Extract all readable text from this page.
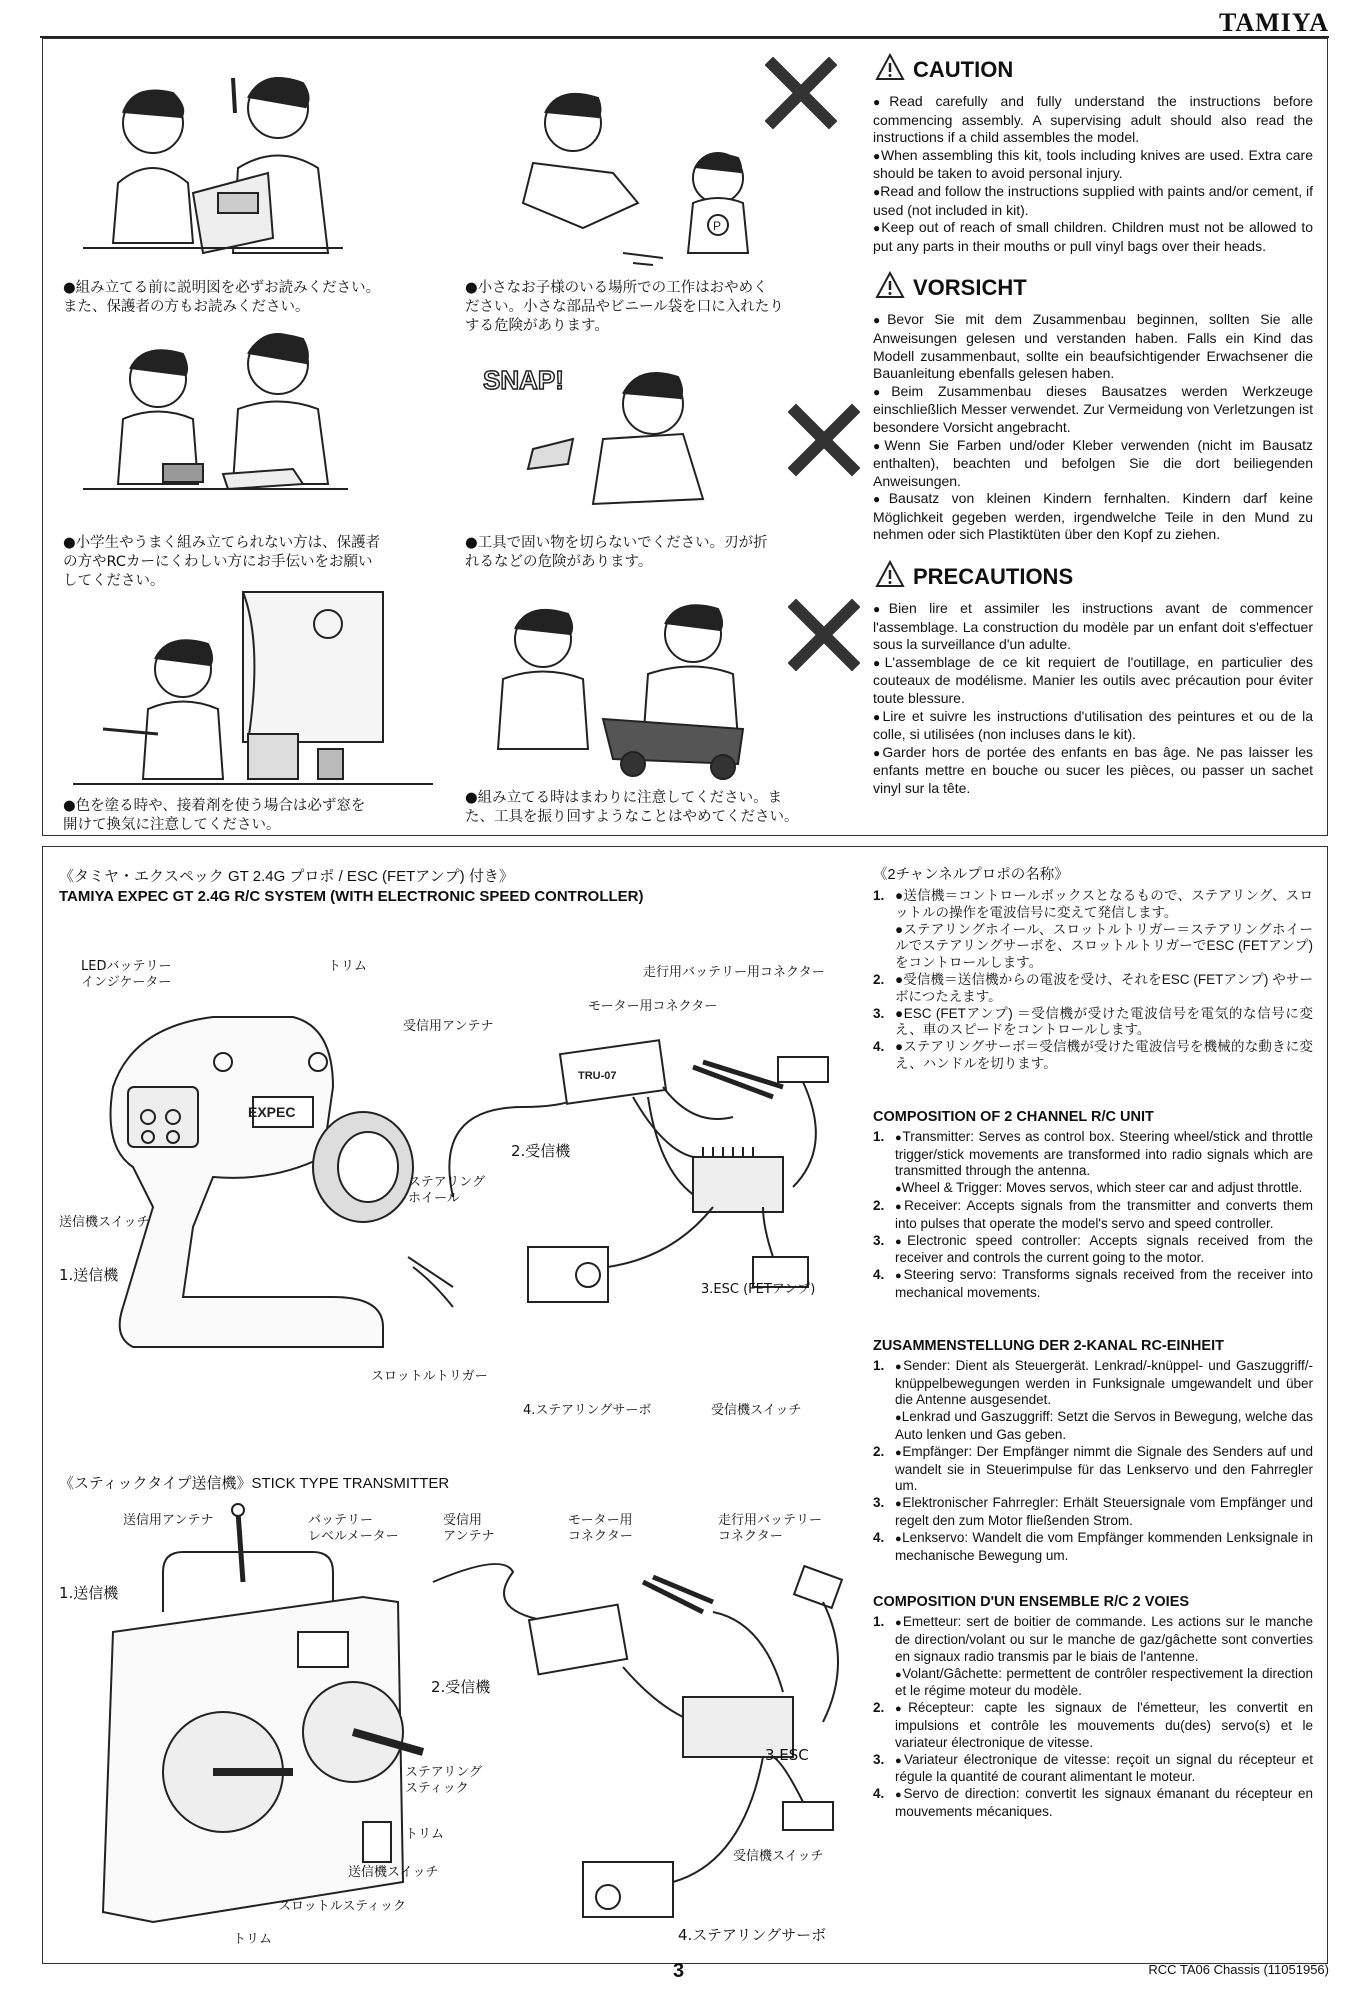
TAMIYA
●組み立てる前に説明図を必ずお読みください。
また、保護者の方もお読みください。
P
●小さなお子様のいる場所での工作はおやめく
ださい。小さな部品やビニール袋を口に入れたり
する危険があります。
●小学生やうまく組み立てられない方は、保護者
の方やRCカーにくわしい方にお手伝いをお願い
してください。
SNAP!
●工具で固い物を切らないでください。刃が折
れるなどの危険があります。
●色を塗る時や、接着剤を使う場合は必ず窓を
開けて換気に注意してください。
●組み立てる時はまわりに注意してください。ま
た、工具を振り回すようなことはやめてください。
CAUTION
● Read carefully and fully understand the instructions before commencing assembly. A supervising adult should also read the instructions if a child assembles the model.
● When assembling this kit, tools including knives are used. Extra care should be taken to avoid personal injury.
● Read and follow the instructions supplied with paints and/or cement, if used (not included in kit).
● Keep out of reach of small children. Children must not be allowed to put any parts in their mouths or pull vinyl bags over their heads.
VORSICHT
● Bevor Sie mit dem Zusammenbau beginnen, sollten Sie alle Anweisungen gelesen und verstanden haben. Falls ein Kind das Modell zusammenbaut, sollte ein beaufsichtigender Erwachsener die Bauanleitung ebenfalls gelesen haben.
● Beim Zusammenbau dieses Bausatzes werden Werkzeuge einschließlich Messer verwendet. Zur Vermeidung von Verletzungen ist besondere Vorsicht angebracht.
● Wenn Sie Farben und/oder Kleber verwenden (nicht im Bausatz enthalten), beachten und befolgen Sie die dort beiliegenden Anweisungen.
● Bausatz von kleinen Kindern fernhalten. Kindern darf keine Möglichkeit gegeben werden, irgendwelche Teile in den Mund zu nehmen oder sich Plastiktüten über den Kopf zu ziehen.
PRECAUTIONS
● Bien lire et assimiler les instructions avant de commencer l'assemblage. La construction du modèle par un enfant doit s'effectuer sous la surveillance d'un adulte.
● L'assemblage de ce kit requiert de l'outillage, en particulier des couteaux de modélisme. Manier les outils avec précaution pour éviter toute blessure.
● Lire et suivre les instructions d'utilisation des peintures et ou de la colle, si utilisées (non incluses dans le kit).
● Garder hors de portée des enfants en bas âge. Ne pas laisser les enfants mettre en bouche ou sucer les pièces, ou passer un sachet vinyl sur la tête.
《タミヤ・エクスペック GT 2.4G プロポ / ESC (FETアンプ) 付き》
TAMIYA EXPEC GT 2.4G R/C SYSTEM (WITH ELECTRONIC SPEED CONTROLLER)
EXPEC
TRU-07
LEDバッテリー
インジケーター
トリム
受信用アンテナ
モーター用コネクター
走行用バッテリー用コネクター
2.受信機
ステアリング
ホイール
送信機スイッチ
1.送信機
3.ESC (FETアンプ)
スロットルトリガー
4.ステアリングサーボ	受信機スイッチ
《スティックタイプ送信機》STICK TYPE TRANSMITTER
送信用アンテナ	バッテリー
レベルメーター
受信用
アンテナ
モーター用
コネクター
走行用バッテリー
コネクター
1.送信機
2.受信機
ステアリング
スティック
トリム
送信機スイッチ
3.ESC
受信機スイッチ
スロットルスティック
トリム	4.ステアリングサーボ
《2チャンネルプロポの名称》
1. ●送信機＝コントロールボックスとなるもので、ステアリング、スロットルの操作を電波信号に変えて発信します。
●ステアリングホイール、スロットルトリガー＝ステアリングホイールでステアリングサーボを、スロットルトリガーでESC (FETアンプ) をコントロールします。
2. ●受信機＝送信機からの電波を受け、それをESC (FETアンプ) やサーボにつたえます。
3. ●ESC (FETアンプ) ＝受信機が受けた電波信号を電気的な信号に変え、車のスピードをコントロールします。
4. ●ステアリングサーボ＝受信機が受けた電波信号を機械的な動きに変え、ハンドルを切ります。
COMPOSITION OF 2 CHANNEL R/C UNIT
1.	● Transmitter: Serves as control box. Steering wheel/stick and throttle trigger/stick movements are transformed into radio signals which are transmitted through the antenna.
● Wheel & Trigger: Moves servos, which steer car and adjust throttle.
2.	● Receiver: Accepts signals from the transmitter and converts them into pulses that operate the model's servo and speed controller.
3.	● Electronic speed controller: Accepts signals received from the receiver and controls the current going to the motor.
4.	● Steering servo: Transforms signals received from the receiver into mechanical movements.
ZUSAMMENSTELLUNG DER 2-KANAL RC-EINHEIT
1.	● Sender: Dient als Steuergerät. Lenkrad/-knüppel- und Gaszuggriff/- knüppelbewegungen werden in Funksignale umgewandelt und über die Antenne ausgesendet.
● Lenkrad und Gaszuggriff: Setzt die Servos in Bewegung, welche das Auto lenken und Gas geben.
2.	● Empfänger: Der Empfänger nimmt die Signale des Senders auf und wandelt sie in Steuerimpulse für das Lenkservo und den Fahrregler um.
3.	● Elektronischer Fahrregler: Erhält Steuersignale vom Empfänger und regelt den zum Motor fließenden Strom.
4.	● Lenkservo: Wandelt die vom Empfänger kommenden Lenksignale in mechanische Bewegung um.
COMPOSITION D'UN ENSEMBLE R/C 2 VOIES
1.	● Emetteur: sert de boitier de commande. Les actions sur le manche de direction/volant ou sur le manche de gaz/gâchette sont converties en signaux radio transmis par le biais de l'antenne.
● Volant/Gâchette: permettent de contrôler respectivement la direction et le régime moteur du modèle.
2.	● Récepteur: capte les signaux de l'émetteur, les convertit en impulsions et contrôle les mouvements du(des) servo(s) et le variateur électronique de vitesse.
3.	● Variateur électronique de vitesse: reçoit un signal du récepteur et régule la quantité de courant alimentant le moteur.
4.	● Servo de direction: convertit les signaux émanant du récepteur en mouvements mécaniques.
3	RCC TA06 Chassis (11051956)
